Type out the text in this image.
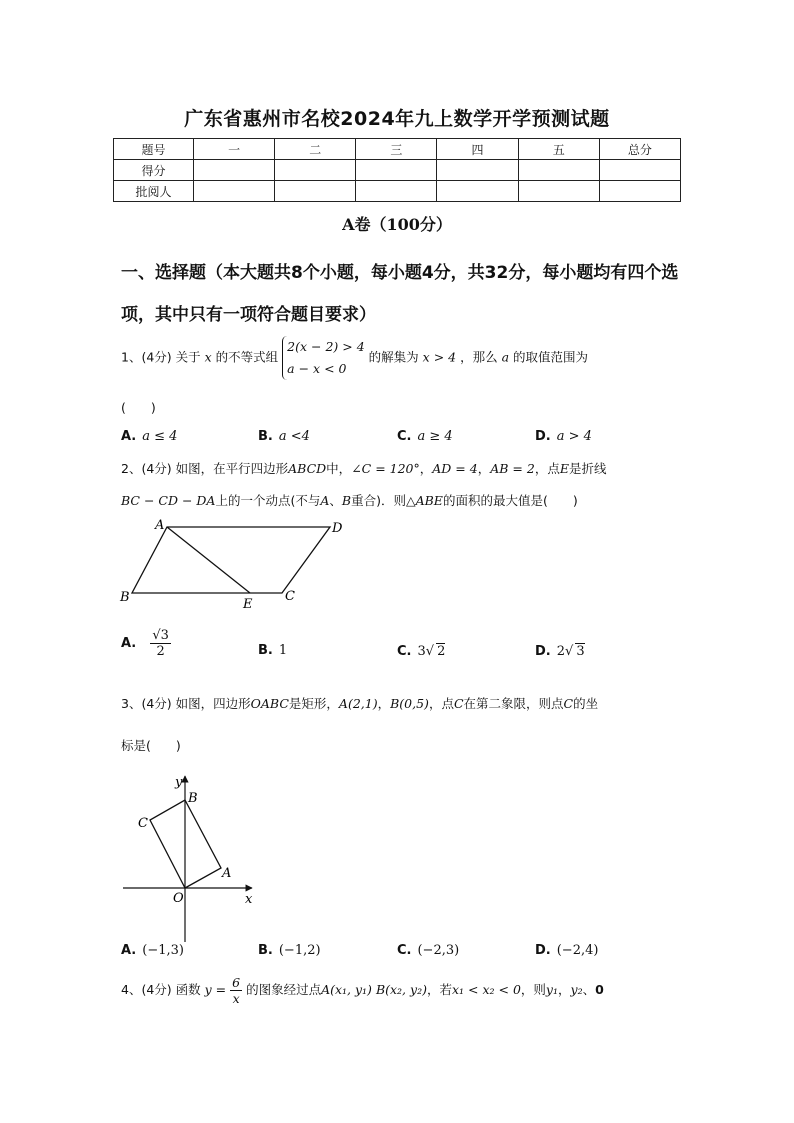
广东省惠州市名校2024年九上数学开学预测试题
题号	一	二	三	四	五	总分
得分						
批阅人						
A卷（100分）
一、选择题（本大题共8个小题，每小题4分，共32分，每小题均有四个选项，其中只有一项符合题目要求）
1、(4分) 关于 x 的不等式组
2(x − 2) > 4
a − x < 0
的解集为 x > 4 ，那么 a 的取值范围为
(　　)
A. a ≤ 4	B. a <4	C. a ≥ 4	D. a > 4
2、(4分) 如图，在平行四边形ABCD中，∠C = 120°，AD = 4，AB = 2，点E是折线
BC − CD − DA上的一个动点(不与A、B重合)．则△ABE的面积的最大值是(　　)
A	D
B	E
C
A. $\frac{√3}{2}$	B. 1	C. 3√ 2	D. 2√ 3
3、(4分) 如图，四边形OABC是矩形，A(2,1)，B(0,5)，点C在第二象限，则点C的坐
标是(　　)
y
x
O
A
B
C
A. (−1,3)	B. (−1,2)	C. (−2,3)	D. (−2,4)
4、(4分) 函数 $y = \frac{6}{x}$ 的图象经过点A(x₁, y₁) B(x₂, y₂)，若x₁ < x₂ < 0，则y₁，y₂、0
